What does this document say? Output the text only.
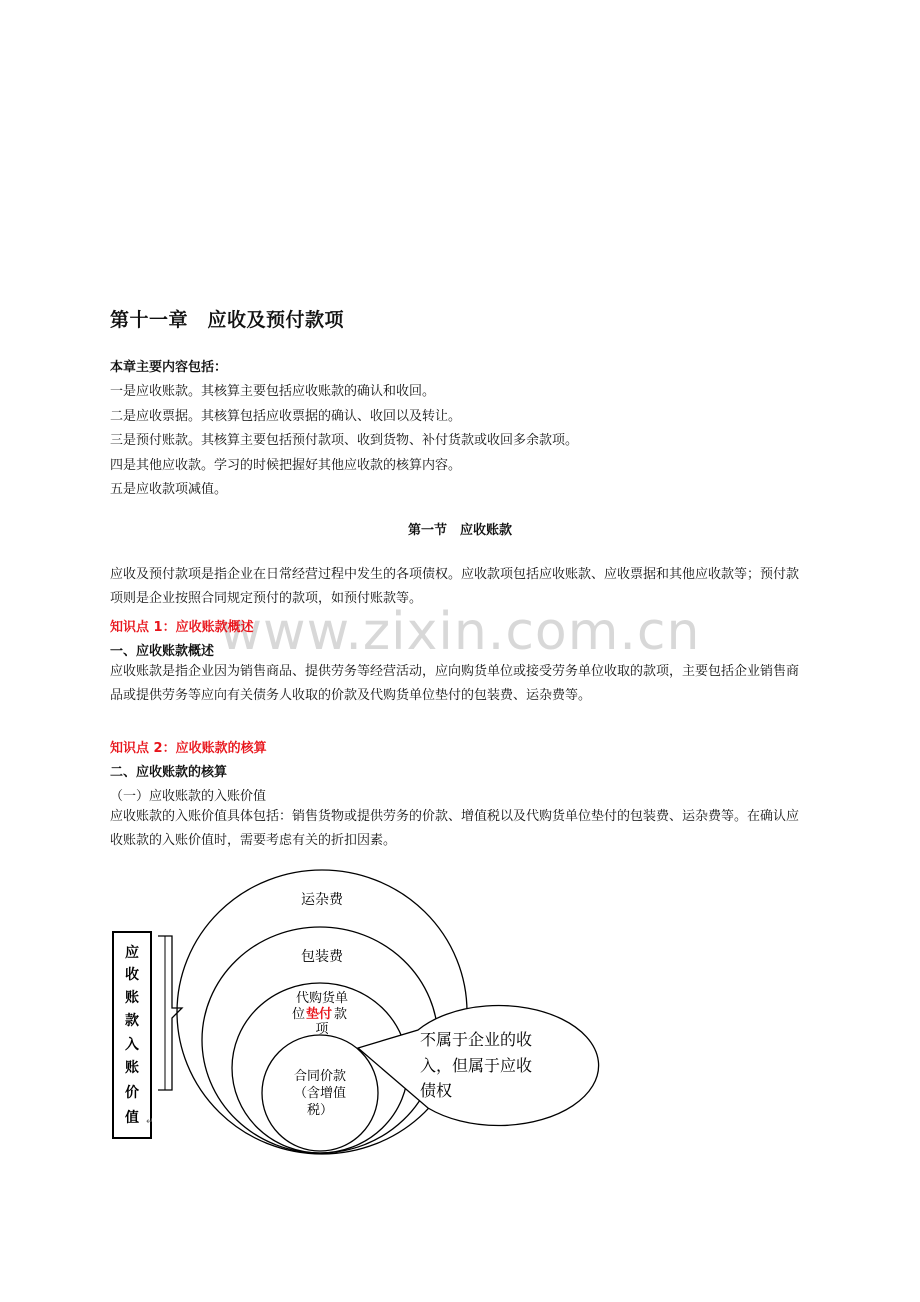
第十一章　应收及预付款项
本章主要内容包括：
一是应收账款。其核算主要包括应收账款的确认和收回。
二是应收票据。其核算包括应收票据的确认、收回以及转让。
三是预付账款。其核算主要包括预付款项、收到货物、补付货款或收回多余款项。
四是其他应收款。学习的时候把握好其他应收款的核算内容。
五是应收款项减值。
第一节　应收账款
www.zixin.com.cn
应收及预付款项是指企业在日常经营过程中发生的各项债权。应收款项包括应收账款、应收票据和其他应收款等；预付款项则是企业按照合同规定预付的款项，如预付账款等。
知识点 1：应收账款概述
一、应收账款概述
应收账款是指企业因为销售商品、提供劳务等经营活动，应向购货单位或接受劳务单位收取的款项，主要包括企业销售商品或提供劳务等应向有关债务人收取的价款及代购货单位垫付的包装费、运杂费等。
知识点 2：应收账款的核算
二、应收账款的核算
（一）应收账款的入账价值
应收账款的入账价值具体包括：销售货物或提供劳务的价款、增值税以及代购货单位垫付的包装费、运杂费等。在确认应收账款的入账价值时，需要考虑有关的折扣因素。
应
收
账
款
入
账
价
值 ↵
运杂费
包装费
代购货单
位 垫付 款
项
合同价款
（含增值
税）
不属于企业的收
入，但属于应收
债权
